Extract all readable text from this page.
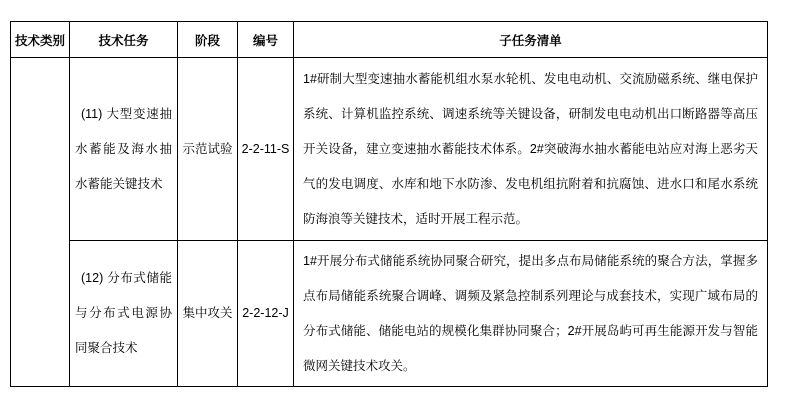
技术类别	技术任务	阶段	编号	子任务清单
	(11) 大型变速抽水蓄能及海水抽水蓄能关键技术	示范试验	2-2-11-S	1#研制大型变速抽水蓄能机组水泵水轮机、发电电动机、交流励磁系统、继电保护系统、计算机监控系统、调速系统等关键设备，研制发电电动机出口断路器等高压开关设备，建立变速抽水蓄能技术体系。2#突破海水抽水蓄能电站应对海上恶劣天气的发电调度、水库和地下水防渗、发电机组抗附着和抗腐蚀、进水口和尾水系统防海浪等关键技术，适时开展工程示范。
	(12) 分布式储能与分布式电源协同聚合技术	集中攻关	2-2-12-J	1#开展分布式储能系统协同聚合研究，提出多点布局储能系统的聚合方法，掌握多点布局储能系统聚合调峰、调频及紧急控制系列理论与成套技术，实现广域布局的分布式储能、储能电站的规模化集群协同聚合；2#开展岛屿可再生能源开发与智能微网关键技术攻关。
